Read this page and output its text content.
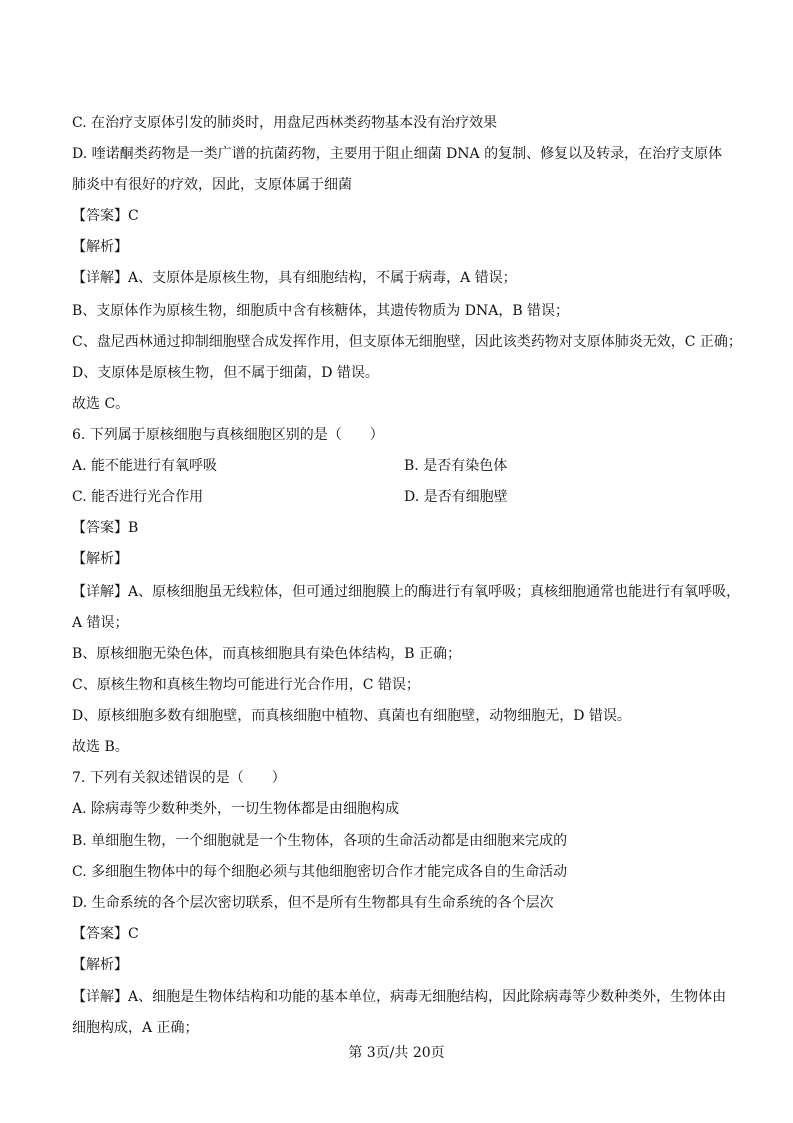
C. 在治疗支原体引发的肺炎时，用盘尼西林类药物基本没有治疗效果
D. 喹诺酮类药物是一类广谱的抗菌药物，主要用于阻止细菌 DNA 的复制、修复以及转录，在治疗支原体
肺炎中有很好的疗效，因此，支原体属于细菌
【答案】C
【解析】
【详解】A、支原体是原核生物，具有细胞结构，不属于病毒，A 错误；
B、支原体作为原核生物，细胞质中含有核糖体，其遗传物质为 DNA，B 错误；
C、盘尼西林通过抑制细胞壁合成发挥作用，但支原体无细胞壁，因此该类药物对支原体肺炎无效，C 正确；
D、支原体是原核生物，但不属于细菌，D 错误。
故选 C。
6. 下列属于原核细胞与真核细胞区别的是（　　）
A. 能不能进行有氧呼吸	B. 是否有染色体
C. 能否进行光合作用	D. 是否有细胞壁
【答案】B
【解析】
【详解】A、原核细胞虽无线粒体，但可通过细胞膜上的酶进行有氧呼吸；真核细胞通常也能进行有氧呼吸，
A 错误；
B、原核细胞无染色体，而真核细胞具有染色体结构，B 正确；
C、原核生物和真核生物均可能进行光合作用，C 错误；
D、原核细胞多数有细胞壁，而真核细胞中植物、真菌也有细胞壁，动物细胞无，D 错误。
故选 B。
7. 下列有关叙述错误的是（　　）
A. 除病毒等少数种类外，一切生物体都是由细胞构成
B. 单细胞生物，一个细胞就是一个生物体，各项的生命活动都是由细胞来完成的
C. 多细胞生物体中的每个细胞必须与其他细胞密切合作才能完成各自的生命活动
D. 生命系统的各个层次密切联系，但不是所有生物都具有生命系统的各个层次
【答案】C
【解析】
【详解】A、细胞是生物体结构和功能的基本单位，病毒无细胞结构，因此除病毒等少数种类外，生物体由
细胞构成，A 正确；
第 3页/共 20页
